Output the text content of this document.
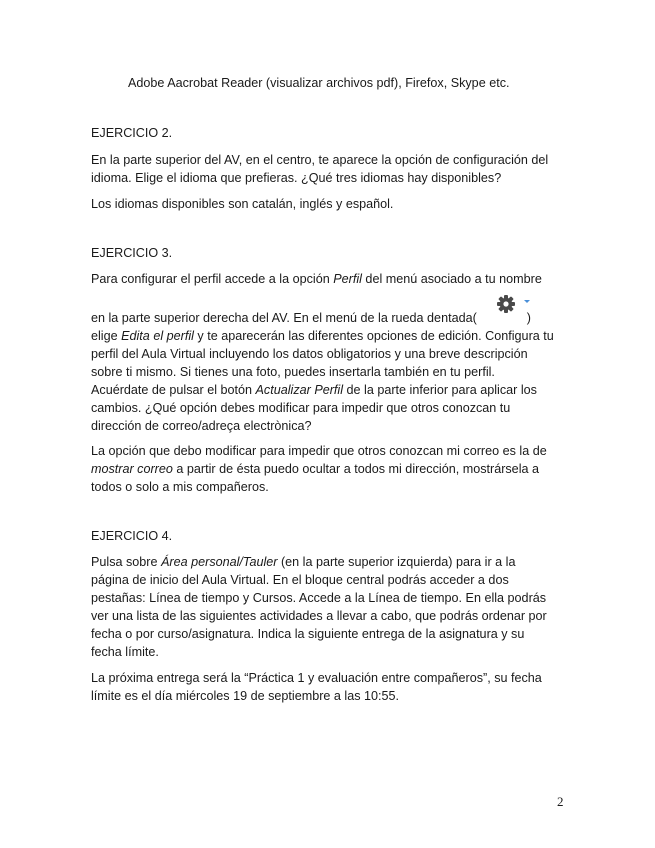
Adobe Aacrobat Reader (visualizar archivos pdf), Firefox, Skype etc.
EJERCICIO 2.
En la parte superior del AV, en el centro, te aparece la opción de configuración del
idioma. Elige el idioma que prefieras. ¿Qué tres idiomas hay disponibles?
Los idiomas disponibles son catalán, inglés y español.
EJERCICIO 3.
Para configurar el perfil accede a la opción Perfil del menú asociado a tu nombre
en la parte superior derecha del AV. En el menú de la rueda dentada(	)
elige Edita el perfil y te aparecerán las diferentes opciones de edición. Configura tu
perfil del Aula Virtual incluyendo los datos obligatorios y una breve descripción
sobre ti mismo. Si tienes una foto, puedes insertarla también en tu perfil.
Acuérdate de pulsar el botón Actualizar Perfil de la parte inferior para aplicar los
cambios. ¿Qué opción debes modificar para impedir que otros conozcan tu
dirección de correo/adreça electrònica?
La opción que debo modificar para impedir que otros conozcan mi correo es la de
mostrar correo a partir de ésta puedo ocultar a todos mi dirección, mostrársela a
todos o solo a mis compañeros.
EJERCICIO 4.
Pulsa sobre Área personal/Tauler (en la parte superior izquierda) para ir a la
página de inicio del Aula Virtual. En el bloque central podrás acceder a dos
pestañas: Línea de tiempo y Cursos. Accede a la Línea de tiempo. En ella podrás
ver una lista de las siguientes actividades a llevar a cabo, que podrás ordenar por
fecha o por curso/asignatura. Indica la siguiente entrega de la asignatura y su
fecha límite.
La próxima entrega será la “Práctica 1 y evaluación entre compañeros”, su fecha
límite es el día miércoles 19 de septiembre a las 10:55.
2
